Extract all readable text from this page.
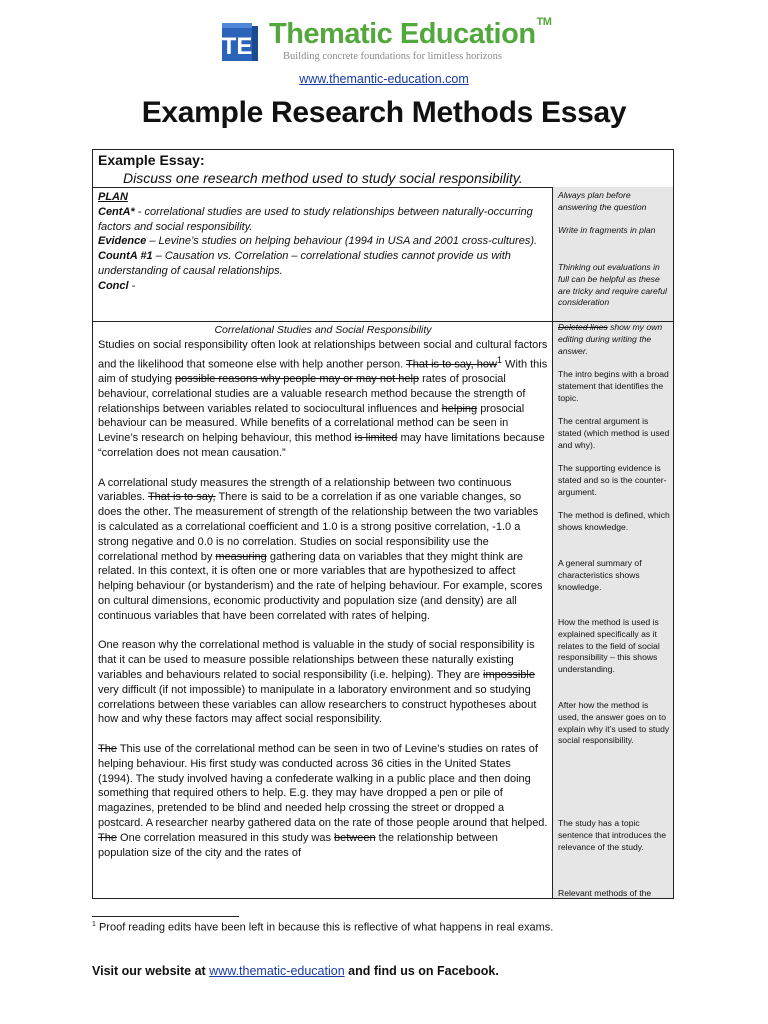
TE Thematic Education™
Building concrete foundations for limitless horizons
www.themantic-education.com
Example Research Methods Essay
Example Essay:
Discuss one research method used to study social responsibility.
Always plan before answering the question
Write in fragments in plan
Thinking out evaluations in full can be helpful as these are tricky and require careful consideration
Deleted lines show my own editing during writing the answer.
The intro begins with a broad statement that identifies the topic.
The central argument is stated (which method is used and why).
The supporting evidence is stated and so is the counter-argument.
The method is defined, which shows knowledge.
A general summary of characteristics shows knowledge.
How the method is used is explained specifically as it relates to the field of social responsibility – this shows understanding.
After how the method is used, the answer goes on to explain why it’s used to study social responsibility.
The study has a topic sentence that introduces the relevance of the study.
Relevant methods of the

PLAN

CentA* - correlational studies are used to study relationships between naturally-occurring factors and social responsibility.

Evidence – Levine’s studies on helping behaviour (1994 in USA and 2001 cross-cultures).

CountA #1 – Causation vs. Correlation – correlational studies cannot provide us with understanding of causal relationships.

Concl -

Correlational Studies and Social Responsibility

Studies on social responsibility often look at relationships between social and cultural factors and the likelihood that someone else with help another person. That is to say, how$^1$ With this aim of studying possible reasons why people may or may not help rates of prosocial behaviour, correlational studies are a valuable research method because the strength of relationships between variables related to sociocultural influences and helping prosocial behaviour can be measured. While benefits of a correlational method can be seen in Levine’s research on helping behaviour, this method is limited may have limitations because “correlation does not mean causation.”

A correlational study measures the strength of a relationship between two continuous variables. That is to say, There is said to be a correlation if as one variable changes, so does the other. The measurement of strength of the relationship between the two variables is calculated as a correlational coefficient and 1.0 is a strong positive correlation, -1.0 a strong negative and 0.0 is no correlation. Studies on social responsibility use the correlational method by measuring gathering data on variables that they might think are related. In this context, it is often one or more variables that are hypothesized to affect helping behaviour (or bystanderism) and the rate of helping behaviour. For example, scores on cultural dimensions, economic productivity and population size (and density) are all continuous variables that have been correlated with rates of helping.

One reason why the correlational method is valuable in the study of social responsibility is that it can be used to measure possible relationships between these naturally existing variables and behaviours related to social responsibility (i.e. helping). They are impossible very difficult (if not impossible) to manipulate in a laboratory environment and so studying correlations between these variables can allow researchers to construct hypotheses about how and why these factors may affect social responsibility.

The This use of the correlational method can be seen in two of Levine’s studies on rates of helping behaviour. His first study was conducted across 36 cities in the United States (1994). The study involved having a confederate walking in a public place and then doing something that required others to help. E.g. they may have dropped a pen or pile of magazines, pretended to be blind and needed help crossing the street or dropped a postcard. A researcher nearby gathered data on the rate of those people around that helped. The One correlation measured in this study was between the relationship between population size of the city and the rates of

$^1$ Proof reading edits have been left in because this is reflective of what happens in real exams.
Visit our website at www.thematic-education and find us on Facebook.
